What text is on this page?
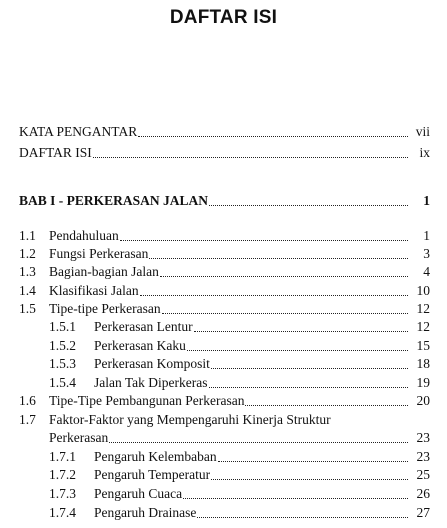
DAFTAR ISI
KATA PENGANTAR	vii
DAFTAR ISI	ix
BAB I - PERKERASAN JALAN	1
1.1 Pendahuluan	1
1.2 Fungsi Perkerasan	3
1.3 Bagian-bagian Jalan	4
1.4 Klasifikasi Jalan	10
1.5 Tipe-tipe Perkerasan	12
1.5.1	Perkerasan Lentur	12
1.5.2	Perkerasan Kaku	15
1.5.3	Perkerasan Komposit	18
1.5.4	Jalan Tak Diperkeras	19
1.6 Tipe-Tipe Pembangunan Perkerasan	20
1.7 Faktor-Faktor yang Mempengaruhi Kinerja Struktur
Perkerasan	23
1.7.1	Pengaruh Kelembaban	23
1.7.2	Pengaruh Temperatur	25
1.7.3	Pengaruh Cuaca	26
1.7.4	Pengaruh Drainase	27
